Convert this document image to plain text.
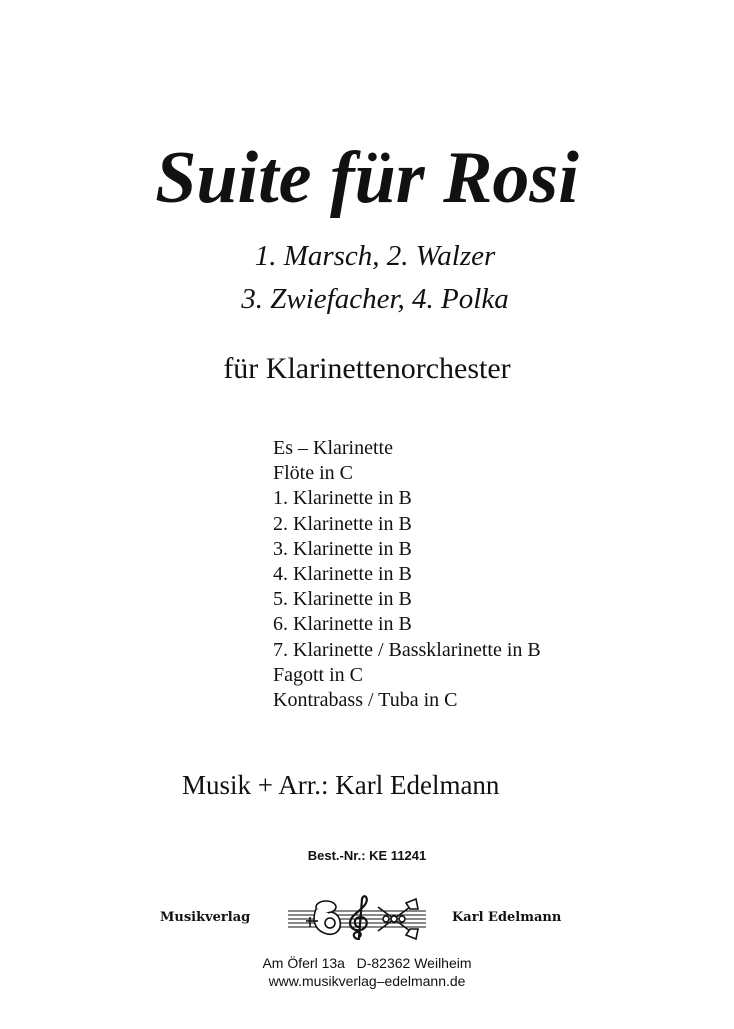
Suite für Rosi

1. Marsch, 2. Walzer

3. Zwiefacher, 4. Polka

für Klarinettenorchester

Es – Klarinette
Flöte in C
1. Klarinette in B
2. Klarinette in B
3. Klarinette in B
4. Klarinette in B
5. Klarinette in B
6. Klarinette in B
7. Klarinette / Bassklarinette in B
Fagott in C
Kontrabass / Tuba in C

Musik + Arr.: Karl Edelmann

Best.-Nr.: KE 11241

Musikverlag	Karl Edelmann

Am Öferl 13a   D-82362 Weilheim

www.musikverlag–edelmann.de
